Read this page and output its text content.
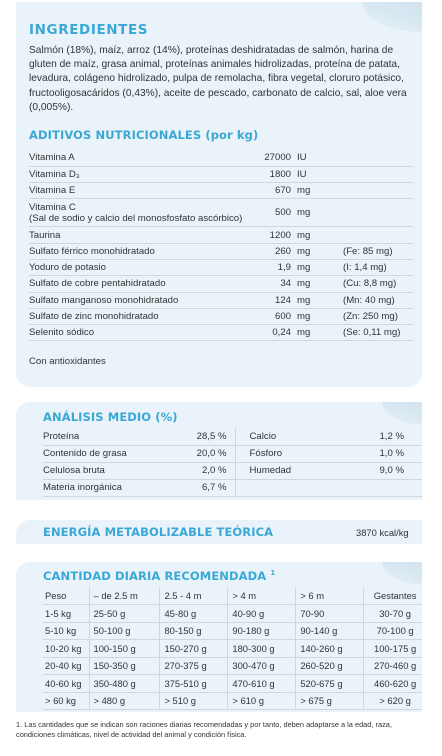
INGREDIENTES
Salmón (18%), maíz, arroz (14%), proteínas deshidratadas de salmón, harina de gluten de maíz, grasa animal, proteínas animales hidrolizadas, proteína de patata, levadura, colágeno hidrolizado, pulpa de remolacha, fibra vegetal, cloruro potásico, fructooligosacáridos (0,43%), aceite de pescado, carbonato de calcio, sal, aloe vera (0,005%).
ADITIVOS NUTRICIONALES (por kg)
Vitamina A	27000	IU	
Vitamina D₃	1800	IU	
Vitamina E	670	mg	
Vitamina C
(Sal de sodio y calcio del monosfosfato ascórbico)	500	mg	
Taurina	1200	mg	
Sulfato férrico monohidratado	260	mg	(Fe: 85 mg)
Yoduro de potasio	1,9	mg	(I: 1,4 mg)
Sulfato de cobre pentahidratado	34	mg	(Cu: 8,8 mg)
Sulfato manganoso monohidratado	124	mg	(Mn: 40 mg)
Sulfato de zinc monohidratado	600	mg	(Zn: 250 mg)
Selenito sódico	0,24	mg	(Se: 0,11 mg)
Con antioxidantes
ANÁLISIS MEDIO (%)
Proteína	28,5 %	Calcio	1,2 %
Contenido de grasa	20,0 %	Fósforo	1,0 %
Celulosa bruta	2,0 %	Humedad	9,0 %
Materia inorgánica	6,7 %		
ENERGÍA METABOLIZABLE TEÓRICA	3870 kcal/kg
CANTIDAD DIARIA RECOMENDADA $^1$
Peso	– de 2.5 m	2.5 - 4 m	> 4 m	> 6 m	Gestantes
1-5 kg	25-50 g	45-80 g	40-90 g	70-90	30-70 g
5-10 kg	50-100 g	80-150 g	90-180 g	90-140 g	70-100 g
10-20 kg	100-150 g	150-270 g	180-300 g	140-260 g	100-175 g
20-40 kg	150-350 g	270-375 g	300-470 g	260-520 g	270-460 g
40-60 kg	350-480 g	375-510 g	470-610 g	520-675 g	460-620 g
> 60 kg	> 480 g	> 510 g	> 610 g	> 675 g	> 620 g
1. Las cantidades que se indican son raciones diarias recomendadas y por tanto, deben adaptarse a la edad, raza, condiciones climáticas, nivel de actividad del animal y condición física.
